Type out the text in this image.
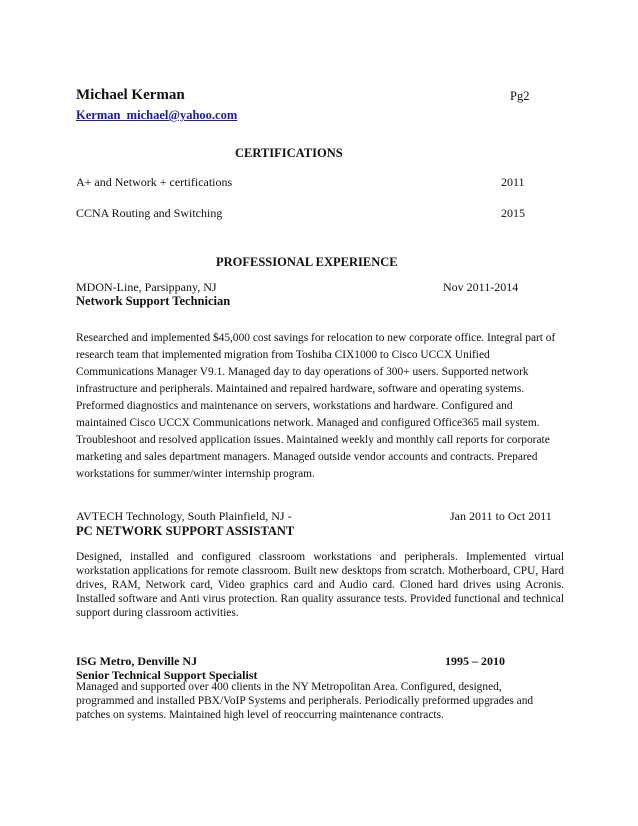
Michael Kerman	Pg2
Kerman_michael@yahoo.com
CERTIFICATIONS
A+ and Network + certifications	2011
CCNA Routing and Switching	2015
PROFESSIONAL EXPERIENCE
MDON-Line, Parsippany, NJ	Nov 2011-2014
Network Support Technician
Researched and implemented $45,000 cost savings for relocation to new corporate office. Integral part of
research team that implemented migration from Toshiba CIX1000 to Cisco UCCX Unified
Communications Manager V9.1. Managed day to day operations of 300+ users. Supported network
infrastructure and peripherals. Maintained and repaired hardware, software and operating systems.
Preformed diagnostics and maintenance on servers, workstations and hardware. Configured and
maintained Cisco UCCX Communications network. Managed and configured Office365 mail system.
Troubleshoot and resolved application issues. Maintained weekly and monthly call reports for corporate
marketing and sales department managers. Managed outside vendor accounts and contracts. Prepared
workstations for summer/winter internship program.
AVTECH Technology, South Plainfield, NJ -	Jan 2011 to Oct 2011
PC NETWORK SUPPORT ASSISTANT
Designed, installed and configured classroom workstations and peripherals. Implemented virtual workstation applications for remote classroom. Built new desktops from scratch. Motherboard, CPU, Hard drives, RAM, Network card, Video graphics card and Audio card. Cloned hard drives using Acronis. Installed software and Anti virus protection. Ran quality assurance tests. Provided functional and technical support during classroom activities.
ISG Metro, Denville NJ	1995 – 2010
Senior Technical Support Specialist
Managed and supported over 400 clients in the NY Metropolitan Area. Configured, designed,
programmed and installed PBX/VoIP Systems and peripherals. Periodically preformed upgrades and
patches on systems. Maintained high level of reoccurring maintenance contracts.
